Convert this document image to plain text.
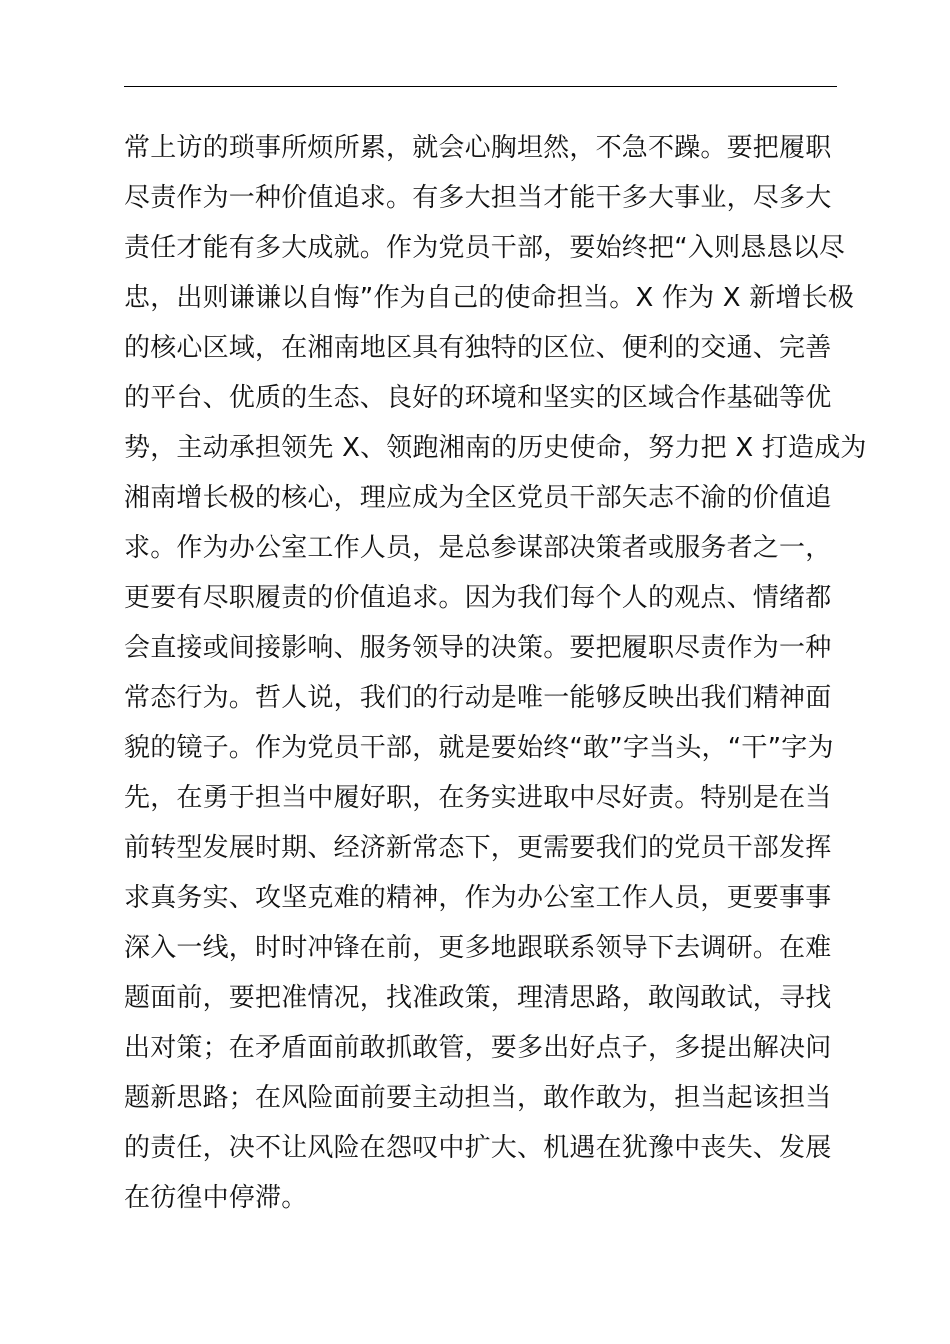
常上访的琐事所烦所累，就会心胸坦然，不急不躁。要把履职
尽责作为一种价值追求。有多大担当才能干多大事业，尽多大
责任才能有多大成就。作为党员干部，要始终把“入则恳恳以尽
忠，出则谦谦以自悔”作为自己的使命担当。X 作为 X 新增长极
的核心区域，在湘南地区具有独特的区位、便利的交通、完善
的平台、优质的生态、良好的环境和坚实的区域合作基础等优
势，主动承担领先 X、领跑湘南的历史使命，努力把 X 打造成为
湘南增长极的核心，理应成为全区党员干部矢志不渝的价值追
求。作为办公室工作人员，是总参谋部决策者或服务者之一，
更要有尽职履责的价值追求。因为我们每个人的观点、情绪都
会直接或间接影响、服务领导的决策。要把履职尽责作为一种
常态行为。哲人说，我们的行动是唯一能够反映出我们精神面
貌的镜子。作为党员干部，就是要始终“敢”字当头，“干”字为
先，在勇于担当中履好职，在务实进取中尽好责。特别是在当
前转型发展时期、经济新常态下，更需要我们的党员干部发挥
求真务实、攻坚克难的精神，作为办公室工作人员，更要事事
深入一线，时时冲锋在前，更多地跟联系领导下去调研。在难
题面前，要把准情况，找准政策，理清思路，敢闯敢试，寻找
出对策；在矛盾面前敢抓敢管，要多出好点子，多提出解决问
题新思路；在风险面前要主动担当，敢作敢为，担当起该担当
的责任，决不让风险在怨叹中扩大、机遇在犹豫中丧失、发展
在彷徨中停滞。
